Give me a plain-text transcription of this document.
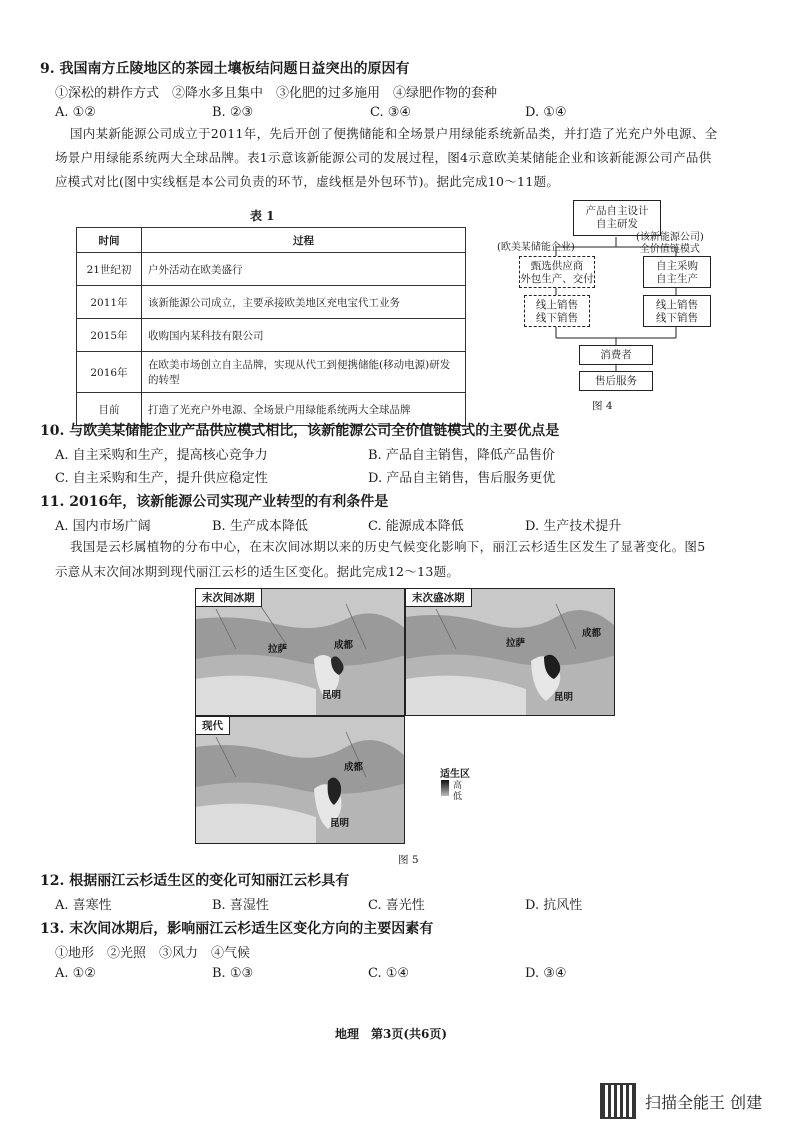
9. 我国南方丘陵地区的茶园土壤板结问题日益突出的原因有
①深松的耕作方式　②降水多且集中　③化肥的过多施用　④绿肥作物的套种
A. ①②	B. ②③	C. ③④	D. ①④
国内某新能源公司成立于2011年，先后开创了便携储能和全场景户用绿能系统新品类，并打造了光充户外电源、全
场景户用绿能系统两大全球品牌。表1示意该新能源公司的发展过程，图4示意欧美某储能企业和该新能源公司产品供
应模式对比(图中实线框是本公司负责的环节，虚线框是外包环节)。据此完成10～11题。
表 1
时间	过程
21世纪初	户外活动在欧美盛行
2011年	该新能源公司成立，主要承接欧美地区充电宝代工业务
2015年	收购国内某科技有限公司
2016年	在欧美市场创立自主品牌，实现从代工到便携储能(移动电源)研发的转型
目前	打造了光充户外电源、全场景户用绿能系统两大全球品牌
产品自主设计
自主研发
(欧美某储能企业)
(该新能源公司)
全价值链模式
甄选供应商
外包生产、交付
自主采购
自主生产
线上销售
线下销售
线上销售
线下销售
消费者
售后服务
图 4
10. 与欧美某储能企业产品供应模式相比，该新能源公司全价值链模式的主要优点是
A. 自主采购和生产，提高核心竞争力	B. 产品自主销售，降低产品售价
C. 自主采购和生产，提升供应稳定性	D. 产品自主销售，售后服务更优
11. 2016年，该新能源公司实现产业转型的有利条件是
A. 国内市场广阔	B. 生产成本降低	C. 能源成本降低	D. 生产技术提升
我国是云杉属植物的分布中心，在末次间冰期以来的历史气候变化影响下，丽江云杉适生区发生了显著变化。图5
示意从末次间冰期到现代丽江云杉的适生区变化。据此完成12～13题。
末次间冰期
拉萨	成都
昆明
末次盛冰期
拉萨
成都
昆明
现代
成都
昆明
适生区
高
低
图 5
12. 根据丽江云杉适生区的变化可知丽江云杉具有
A. 喜寒性	B. 喜湿性	C. 喜光性	D. 抗风性
13. 末次间冰期后，影响丽江云杉适生区变化方向的主要因素有
①地形　②光照　③风力　④气候
A. ①②	B. ①③	C. ①④	D. ③④
地理　第3页(共6页)
扫描全能王 创建
